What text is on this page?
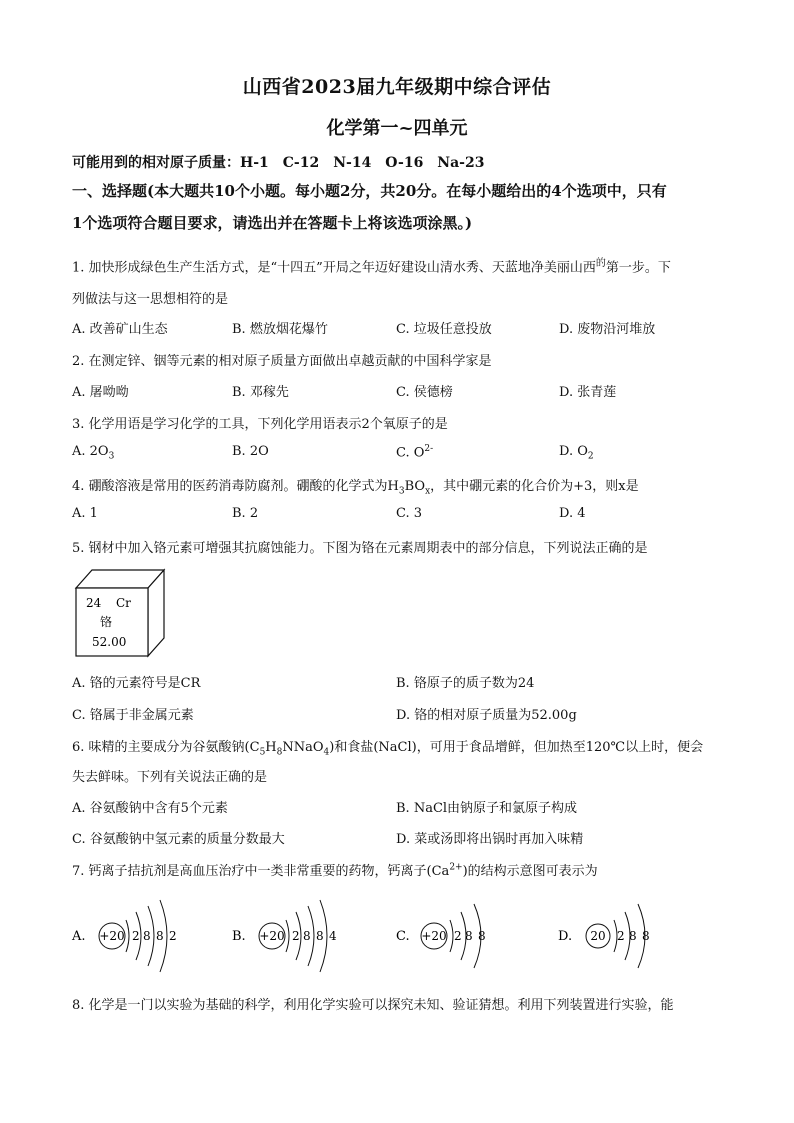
山西省2023届九年级期中综合评估
化学第一~四单元
可能用到的相对原子质量：H-1　C-12　N-14　O-16　Na-23
一、选择题(本大题共10个小题。每小题2分，共20分。在每小题给出的4个选项中，只有
1个选项符合题目要求，请选出并在答题卡上将该选项涂黑。)
1. 加快形成绿色生产生活方式，是“十四五”开局之年迈好建设山清水秀、天蓝地净美丽山西$^的$第一步。下
列做法与这一思想相符的是
A. 改善矿山生态	B. 燃放烟花爆竹	C. 垃圾任意投放	D. 废物沿河堆放
2. 在测定锌、铟等元素的相对原子质量方面做出卓越贡献的中国科学家是
A. 屠呦呦	B. 邓稼先	C. 侯德榜	D. 张青莲
3. 化学用语是学习化学的工具，下列化学用语表示2个氧原子的是
A. $2O_3$	B. 2O	C. $O^{2-}$	D. $O_2$
4. 硼酸溶液是常用的医药消毒防腐剂。硼酸的化学式为$H_3BO_x$，其中硼元素的化合价为+3，则x是
A. 1	B. 2	C. 3	D. 4
5. 钢材中加入铬元素可增强其抗腐蚀能力。下图为铬在元素周期表中的部分信息，下列说法正确的是
24 Cr
铬
52.00
A. 铬的元素符号是CR	B. 铬原子的质子数为24
C. 铬属于非金属元素	D. 铬的相对原子质量为52.00g
6. 味精的主要成分为谷氨酸钠$(C_5H_8NNaO_4)$和食盐(NaCl)，可用于食品增鲜，但加热至120℃以上时，便会
失去鲜味。下列有关说法正确的是
A. 谷氨酸钠中含有5个元素	B. NaCl由钠原子和氯原子构成
C. 谷氨酸钠中氢元素的质量分数最大	D. 菜或汤即将出锅时再加入味精
7. 钙离子拮抗剂是高血压治疗中一类非常重要的药物，钙离子$(Ca^{2+})$的结构示意图可表示为
A. +20 2 8 8 2	B. +20 2 8 8 4	C. +20 2 8 8	D. 20 2 8 8
8. 化学是一门以实验为基础的科学，利用化学实验可以探究未知、验证猜想。利用下列装置进行实验，能
